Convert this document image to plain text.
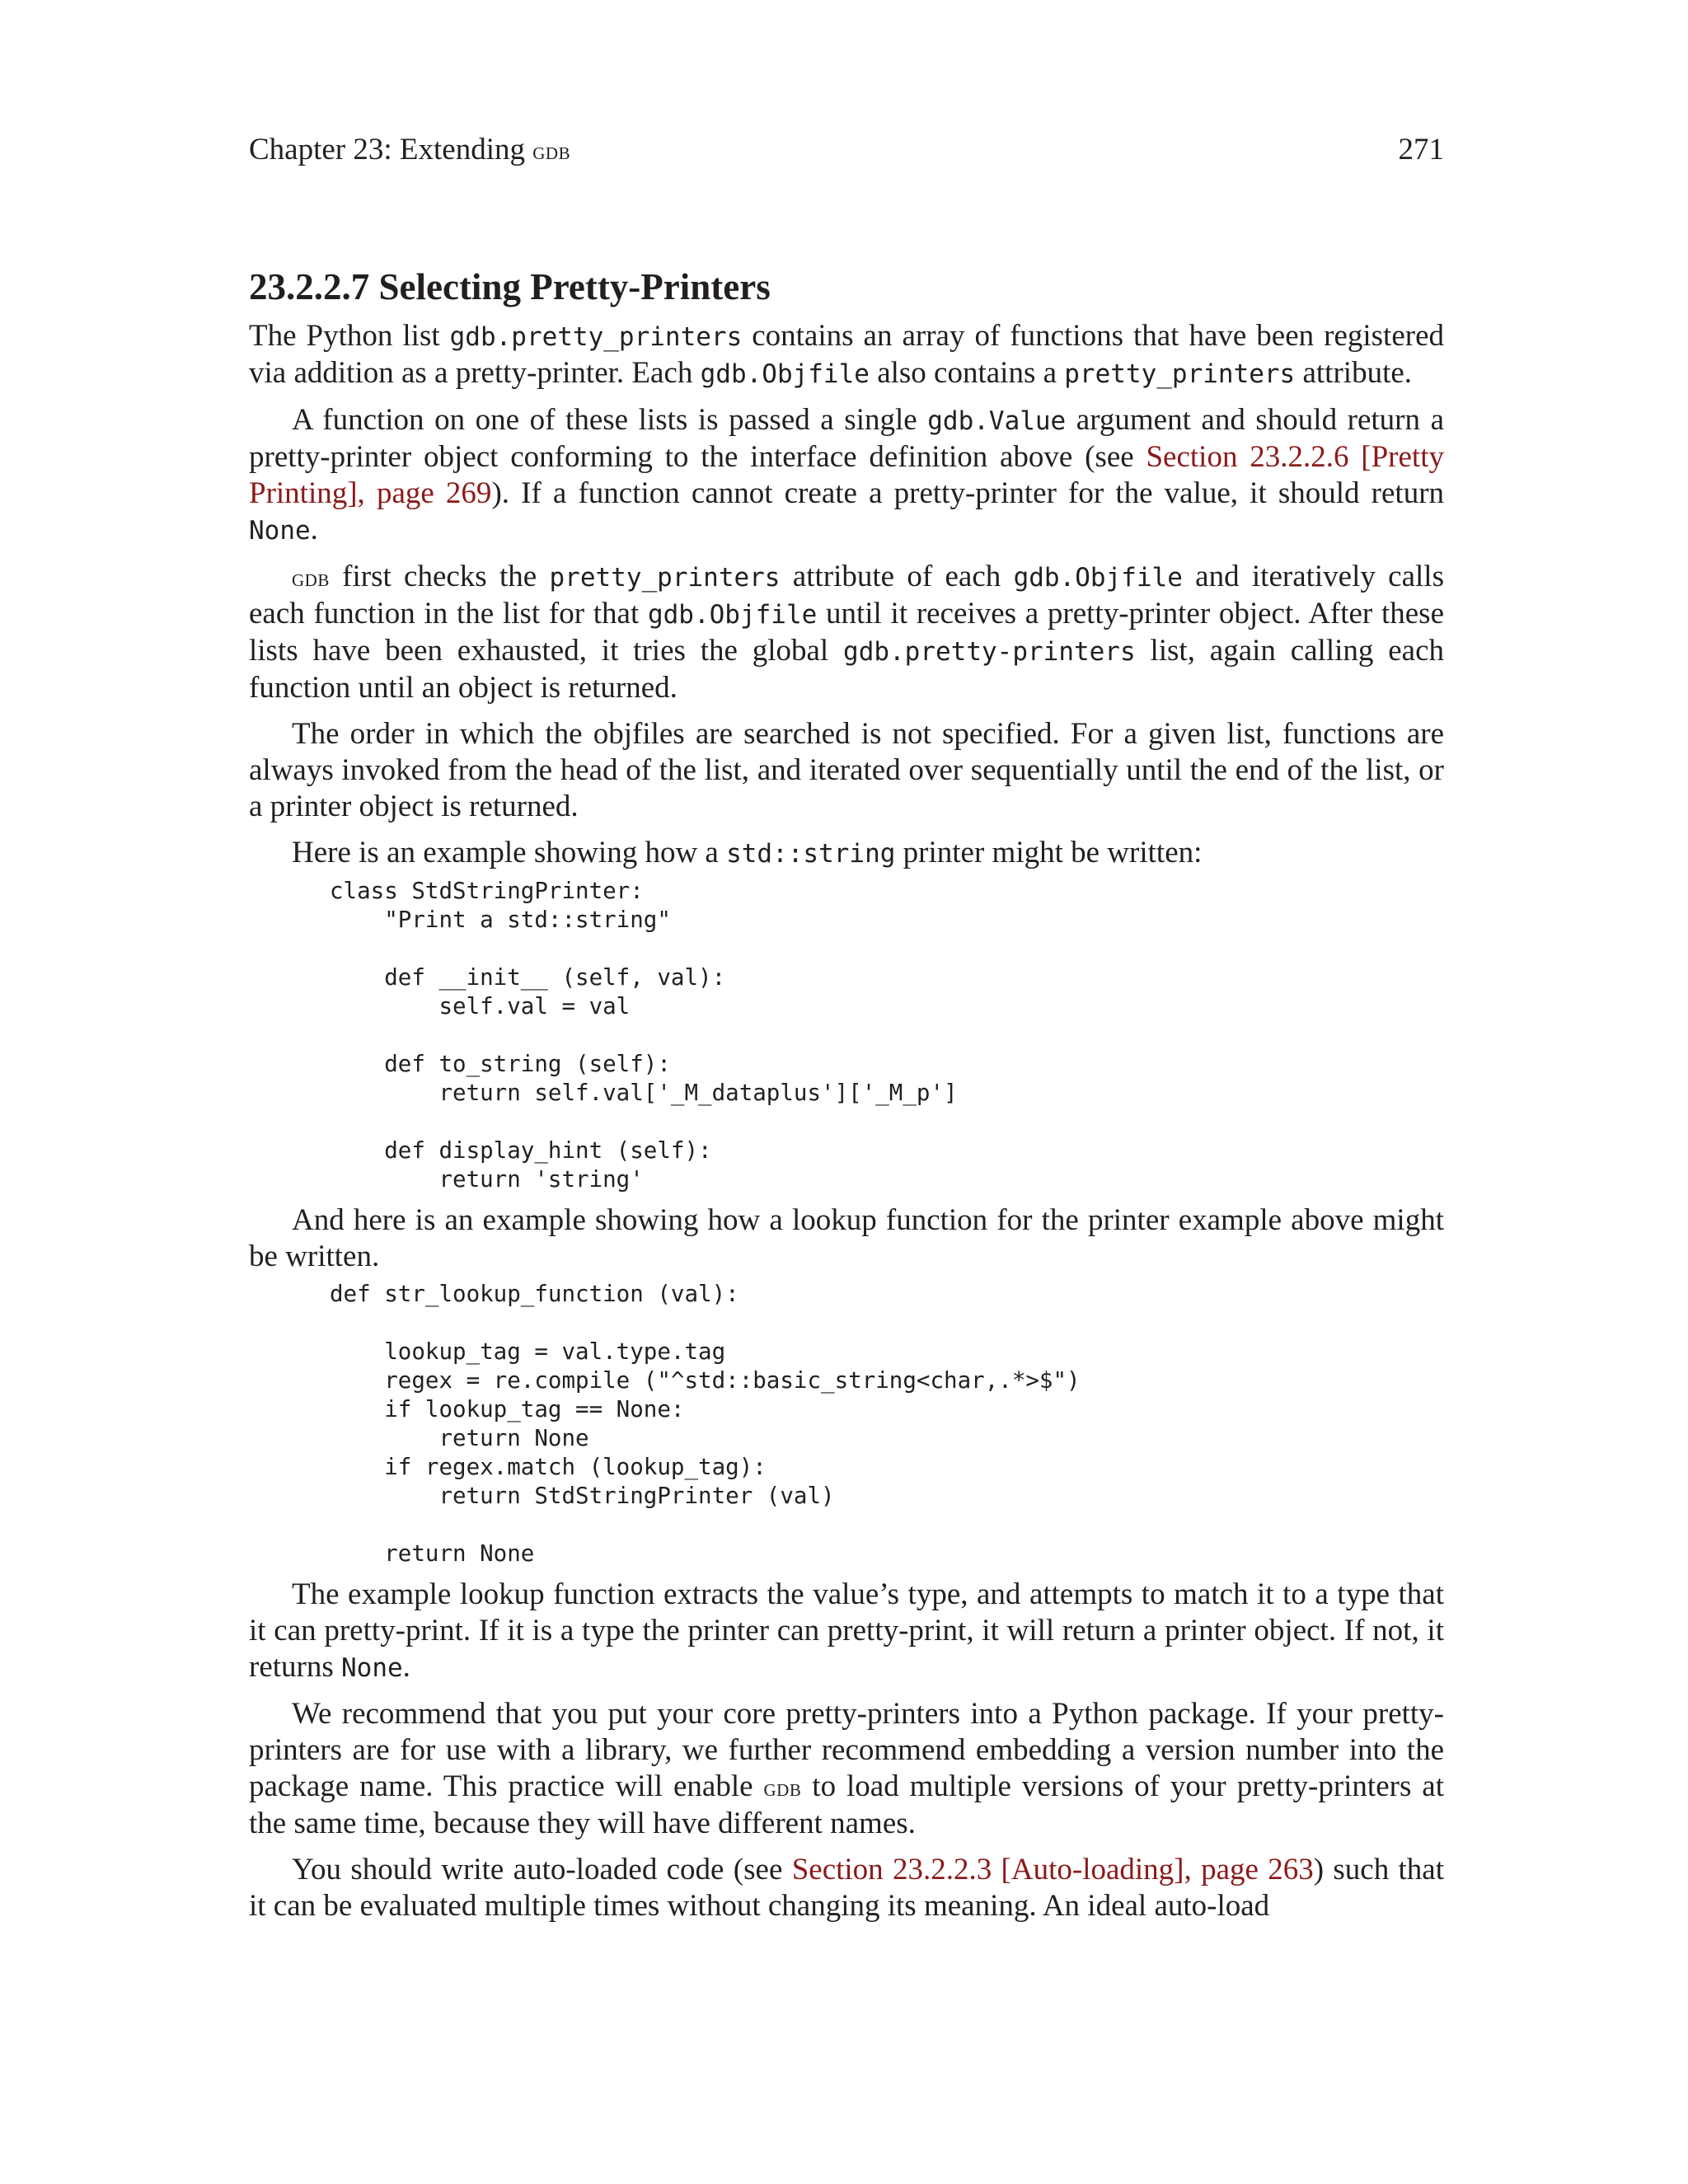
Chapter 23: Extending gdb	271
23.2.2.7 Selecting Pretty-Printers

The Python list gdb.pretty_printers contains an array of functions that have been registered via addition as a pretty-printer. Each gdb.Objfile also contains a pretty_printers attribute.

A function on one of these lists is passed a single gdb.Value argument and should return a pretty-printer object conforming to the interface definition above (see Section 23.2.2.6 [Pretty Printing], page 269). If a function cannot create a pretty-printer for the value, it should return None.

gdb first checks the pretty_printers attribute of each gdb.Objfile and iteratively calls each function in the list for that gdb.Objfile until it receives a pretty-printer object. After these lists have been exhausted, it tries the global gdb.pretty-printers list, again calling each function until an object is returned.

The order in which the objfiles are searched is not specified. For a given list, functions are always invoked from the head of the list, and iterated over sequentially until the end of the list, or a printer object is returned.

Here is an example showing how a std::string printer might be written:

class StdStringPrinter:
"Print a std::string"
def __init__ (self, val):
self.val = val
def to_string (self):
return self.val['_M_dataplus']['_M_p']
def display_hint (self):
return 'string'

And here is an example showing how a lookup function for the printer example above might be written.

def str_lookup_function (val):
lookup_tag = val.type.tag
regex = re.compile ("^std::basic_string<char,.*>$")
if lookup_tag == None:
return None
if regex.match (lookup_tag):
return StdStringPrinter (val)
return None

The example lookup function extracts the value’s type, and attempts to match it to a type that it can pretty-print. If it is a type the printer can pretty-print, it will return a printer object. If not, it returns None.

We recommend that you put your core pretty-printers into a Python package. If your pretty-printers are for use with a library, we further recommend embedding a version number into the package name. This practice will enable gdb to load multiple versions of your pretty-printers at the same time, because they will have different names.

You should write auto-loaded code (see Section 23.2.2.3 [Auto-loading], page 263) such that it can be evaluated multiple times without changing its meaning. An ideal auto-load
